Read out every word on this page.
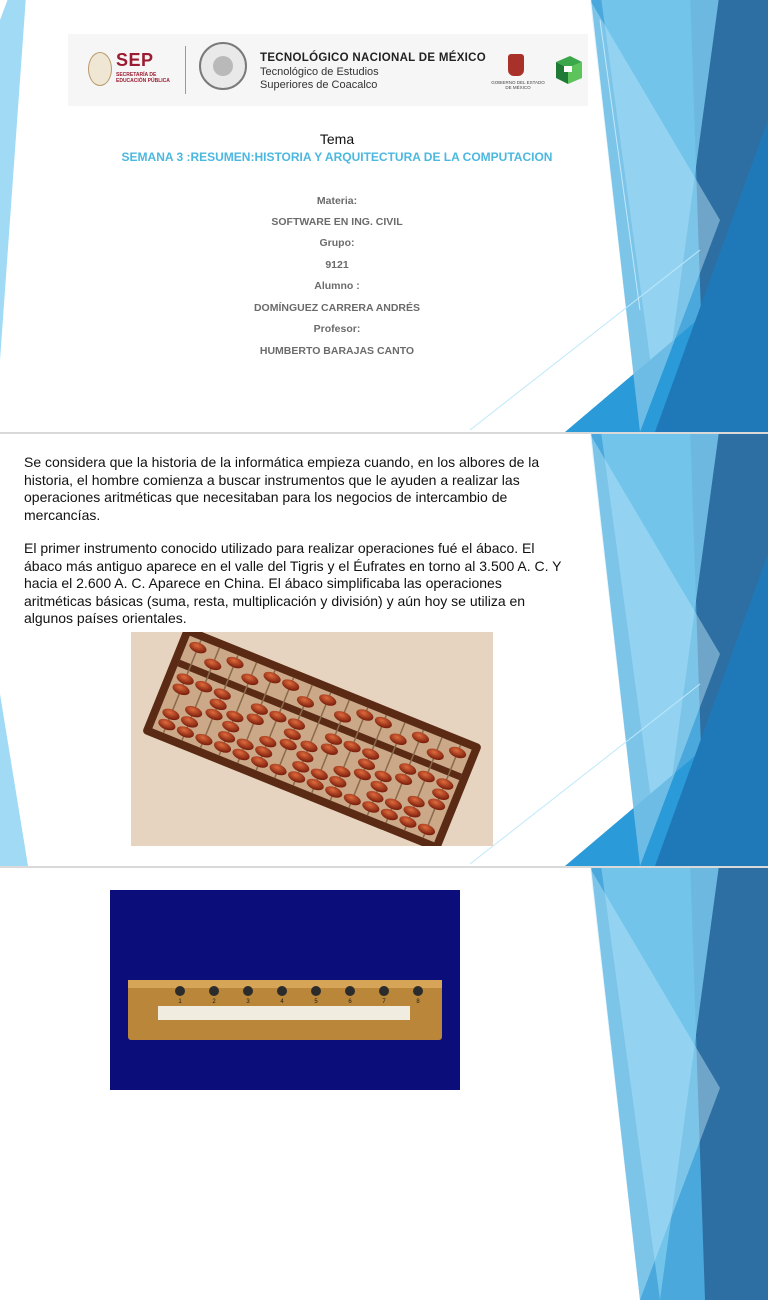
SEP
SECRETARÍA DE EDUCACIÓN PÚBLICA
TECNOLÓGICO NACIONAL DE MÉXICO
Tecnológico de Estudios
Superiores de Coacalco	GOBIERNO DEL ESTADO DE MÉXICO
Tema
SEMANA 3 :RESUMEN:HISTORIA Y ARQUITECTURA DE LA COMPUTACION
Materia:
SOFTWARE EN ING. CIVIL
Grupo:
9121
Alumno :
DOMÍNGUEZ CARRERA ANDRÉS
Profesor:
HUMBERTO BARAJAS CANTO

Se considera que la historia de la informática empieza cuando, en los albores de la historia, el hombre comienza a buscar instrumentos que le ayuden a realizar las operaciones aritméticas que necesitaban para los negocios de intercambio de mercancías.

El primer instrumento conocido utilizado para realizar operaciones fué el ábaco. El ábaco más antiguo aparece en el valle del Tigris y el Éufrates en torno al 3.500 A. C. Y hacia el 2.600 A. C. Aparece en China. El ábaco simplificaba las operaciones aritméticas básicas (suma, resta, multiplicación y división) y aún hoy se utiliza en algunos países orientales.

1	2	3	4	5	6	7	8
